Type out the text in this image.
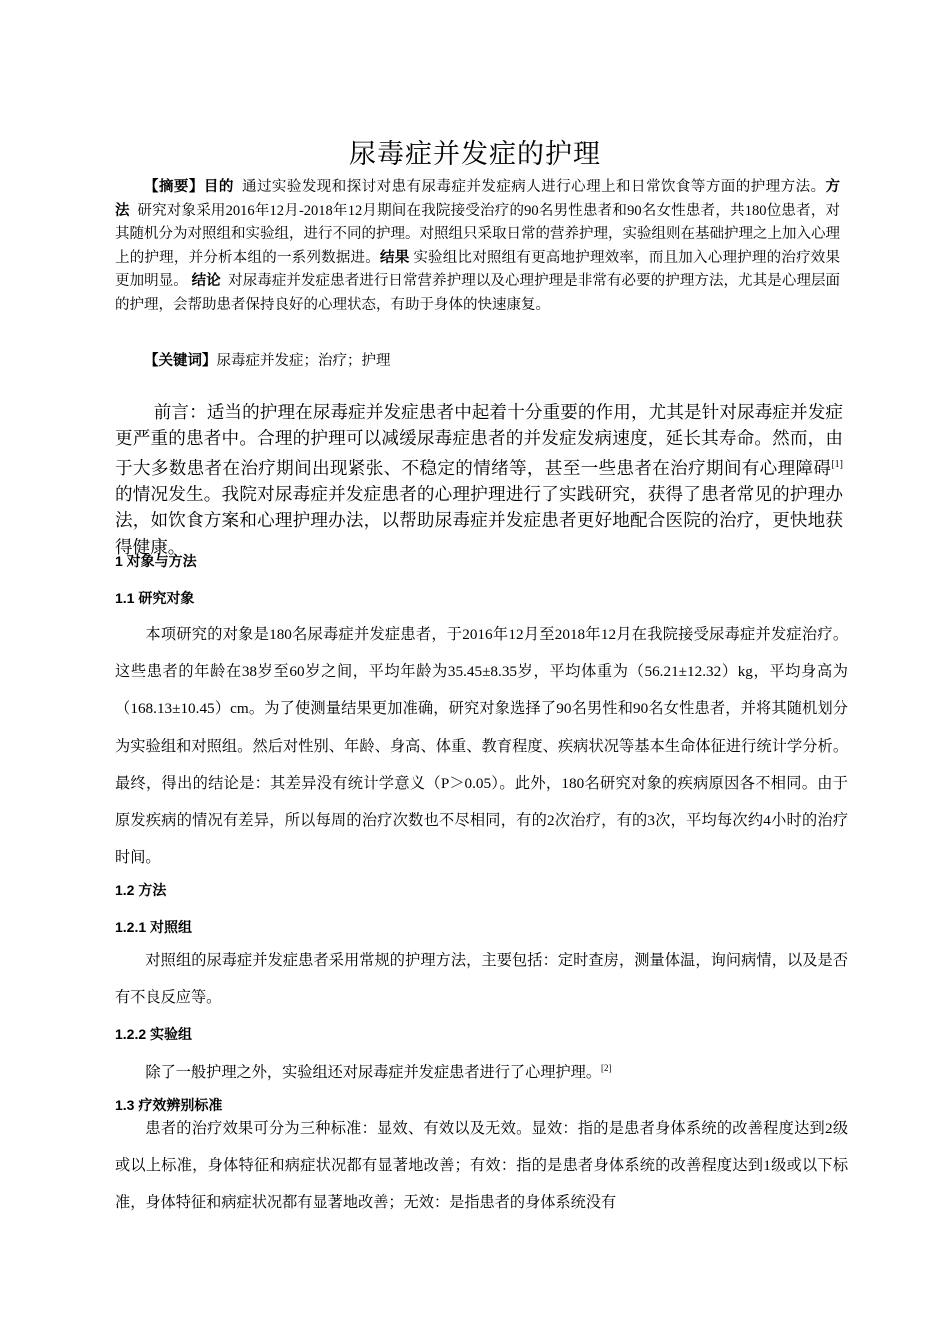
尿毒症并发症的护理
【摘要】目的 通过实验发现和探讨对患有尿毒症并发症病人进行心理上和日常饮食等方面的护理方法。方法 研究对象采用2016年12月-2018年12月期间在我院接受治疗的90名男性患者和90名女性患者，共180位患者，对其随机分为对照组和实验组，进行不同的护理。对照组只采取日常的营养护理，实验组则在基础护理之上加入心理上的护理，并分析本组的一系列数据进。结果 实验组比对照组有更高地护理效率，而且加入心理护理的治疗效果更加明显。 结论 对尿毒症并发症患者进行日常营养护理以及心理护理是非常有必要的护理方法，尤其是心理层面的护理，会帮助患者保持良好的心理状态，有助于身体的快速康复。
【关键词】尿毒症并发症；治疗；护理
前言：适当的护理在尿毒症并发症患者中起着十分重要的作用，尤其是针对尿毒症并发症更严重的患者中。合理的护理可以减缓尿毒症患者的并发症发病速度，延长其寿命。然而，由于大多数患者在治疗期间出现紧张、不稳定的情绪等，甚至一些患者在治疗期间有心理障碍[1] 的情况发生。我院对尿毒症并发症患者的心理护理进行了实践研究，获得了患者常见的护理办法，如饮食方案和心理护理办法，以帮助尿毒症并发症患者更好地配合医院的治疗，更快地获得健康。
1 对象与方法
1.1 研究对象
本项研究的对象是180名尿毒症并发症患者，于2016年12月至2018年12月在我院接受尿毒症并发症治疗。这些患者的年龄在38岁至60岁之间，平均年龄为35.45±8.35岁，平均体重为（56.21±12.32）kg，平均身高为（168.13±10.45）cm。为了使测量结果更加准确，研究对象选择了90名男性和90名女性患者，并将其随机划分为实验组和对照组。然后对性别、年龄、身高、体重、教育程度、疾病状况等基本生命体征进行统计学分析。最终，得出的结论是：其差异没有统计学意义（P＞0.05）。此外，180名研究对象的疾病原因各不相同。由于原发疾病的情况有差异，所以每周的治疗次数也不尽相同，有的2次治疗，有的3次，平均每次约4小时的治疗时间。
1.2 方法
1.2.1 对照组
对照组的尿毒症并发症患者采用常规的护理方法，主要包括：定时查房，测量体温，询问病情，以及是否有不良反应等。
1.2.2 实验组
除了一般护理之外，实验组还对尿毒症并发症患者进行了心理护理。[2]
1.3 疗效辨别标准
患者的治疗效果可分为三种标准：显效、有效以及无效。显效：指的是患者身体系统的改善程度达到2级或以上标准，身体特征和病症状况都有显著地改善；有效：指的是患者身体系统的改善程度达到1级或以下标准，身体特征和病症状况都有显著地改善；无效：是指患者的身体系统没有
